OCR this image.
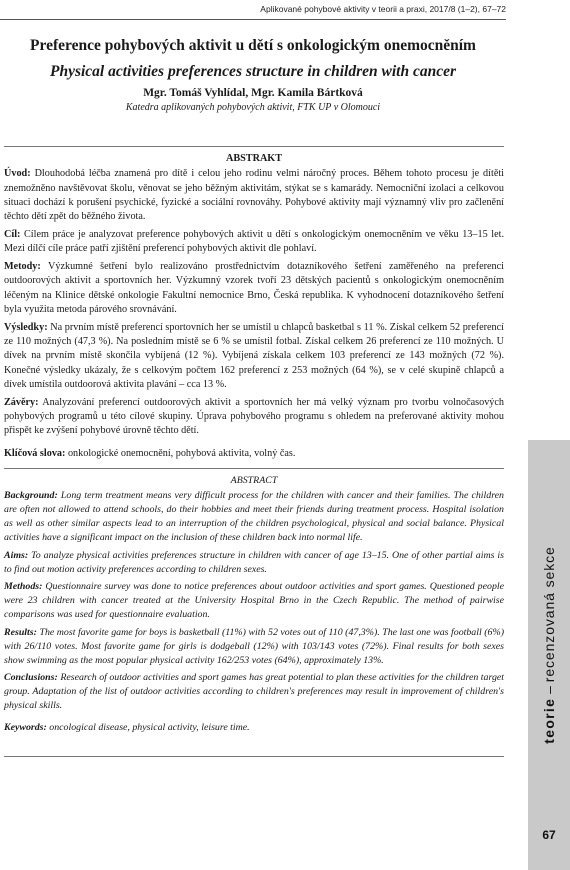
Aplikované pohybové aktivity v teorii a praxi, 2017/8 (1–2), 67–72

Preference pohybových aktivit u dětí s onkologickým onemocněním

Physical activities preferences structure in children with cancer

Mgr. Tomáš Vyhlídal, Mgr. Kamila Bártková

Katedra aplikovaných pohybových aktivit, FTK UP v Olomouci

ABSTRAKT

Úvod: Dlouhodobá léčba znamená pro dítě i celou jeho rodinu velmi náročný proces. Během tohoto procesu je dítěti znemožněno navštěvovat školu, věnovat se jeho běžným aktivitám, stýkat se s kamarády. Nemocniční izolaci a celkovou situaci dochází k porušení psychické, fyzické a sociální rovnováhy. Pohybové aktivity mají významný vliv pro začlenění těchto dětí zpět do běžného života.

Cíl: Cílem práce je analyzovat preference pohybových aktivit u dětí s onkologickým onemocněním ve věku 13–15 let. Mezi dílčí cíle práce patří zjištění preferencí pohybových aktivit dle pohlaví.

Metody: Výzkumné šetření bylo realizováno prostřednictvím dotazníkového šetření zaměřeného na preferenci outdoorových aktivit a sportovních her. Výzkumný vzorek tvoří 23 dětských pacientů s onkologickým onemocněním léčeným na Klinice dětské onkologie Fakultní nemocnice Brno, Česká republika. K vyhodnocení dotazníkového šetření byla využita metoda párového srovnávání.

Výsledky: Na prvním místě preferencí sportovních her se umístil u chlapců basketbal s 11 %. Získal celkem 52 preferencí ze 110 možných (47,3 %). Na posledním místě se 6 % se umístil fotbal. Získal celkem 26 preferencí ze 110 možných. U dívek na prvním místě skončila vybíjená (12 %). Vybíjená získala celkem 103 preferencí ze 143 možných (72 %). Konečné výsledky ukázaly, že s celkovým počtem 162 preferencí z 253 možných (64 %), se v celé skupině chlapců a dívek umístila outdoorová aktivita plavání – cca 13 %.

Závěry: Analyzování preferencí outdoorových aktivit a sportovních her má velký význam pro tvorbu volnočasových pohybových programů u této cílové skupiny. Úprava pohybového programu s ohledem na preferované aktivity mohou přispět ke zvýšení pohybové úrovně těchto dětí.

Klíčová slova: onkologické onemocnění, pohybová aktivita, volný čas.

ABSTRACT

Background: Long term treatment means very difficult process for the children with cancer and their families. The children are often not allowed to attend schools, do their hobbies and meet their friends during treatment process. Hospital isolation as well as other similar aspects lead to an interruption of the children psychological, physical and social balance. Physical activities have a significant impact on the inclusion of these children back into normal life.

Aims: To analyze physical activities preferences structure in children with cancer of age 13–15. One of other partial aims is to find out motion activity preferences according to children sexes.

Methods: Questionnaire survey was done to notice preferences about outdoor activities and sport games. Questioned people were 23 children with cancer treated at the University Hospital Brno in the Czech Republic. The method of pairwise comparisons was used for questionnaire evaluation.

Results: The most favorite game for boys is basketball (11%) with 52 votes out of 110 (47,3%). The last one was football (6%) with 26/110 votes. Most favorite game for girls is dodgeball (12%) with 103/143 votes (72%). Final results for both sexes show swimming as the most popular physical activity 162/253 votes (64%), approximately 13%.

Conclusions: Research of outdoor activities and sport games has great potential to plan these activities for the children target group. Adaptation of the list of outdoor activities according to children's preferences may result in improvement of children's physical skills.

Keywords: oncological disease, physical activity, leisure time.	teorie – recenzovaná sekce
67
